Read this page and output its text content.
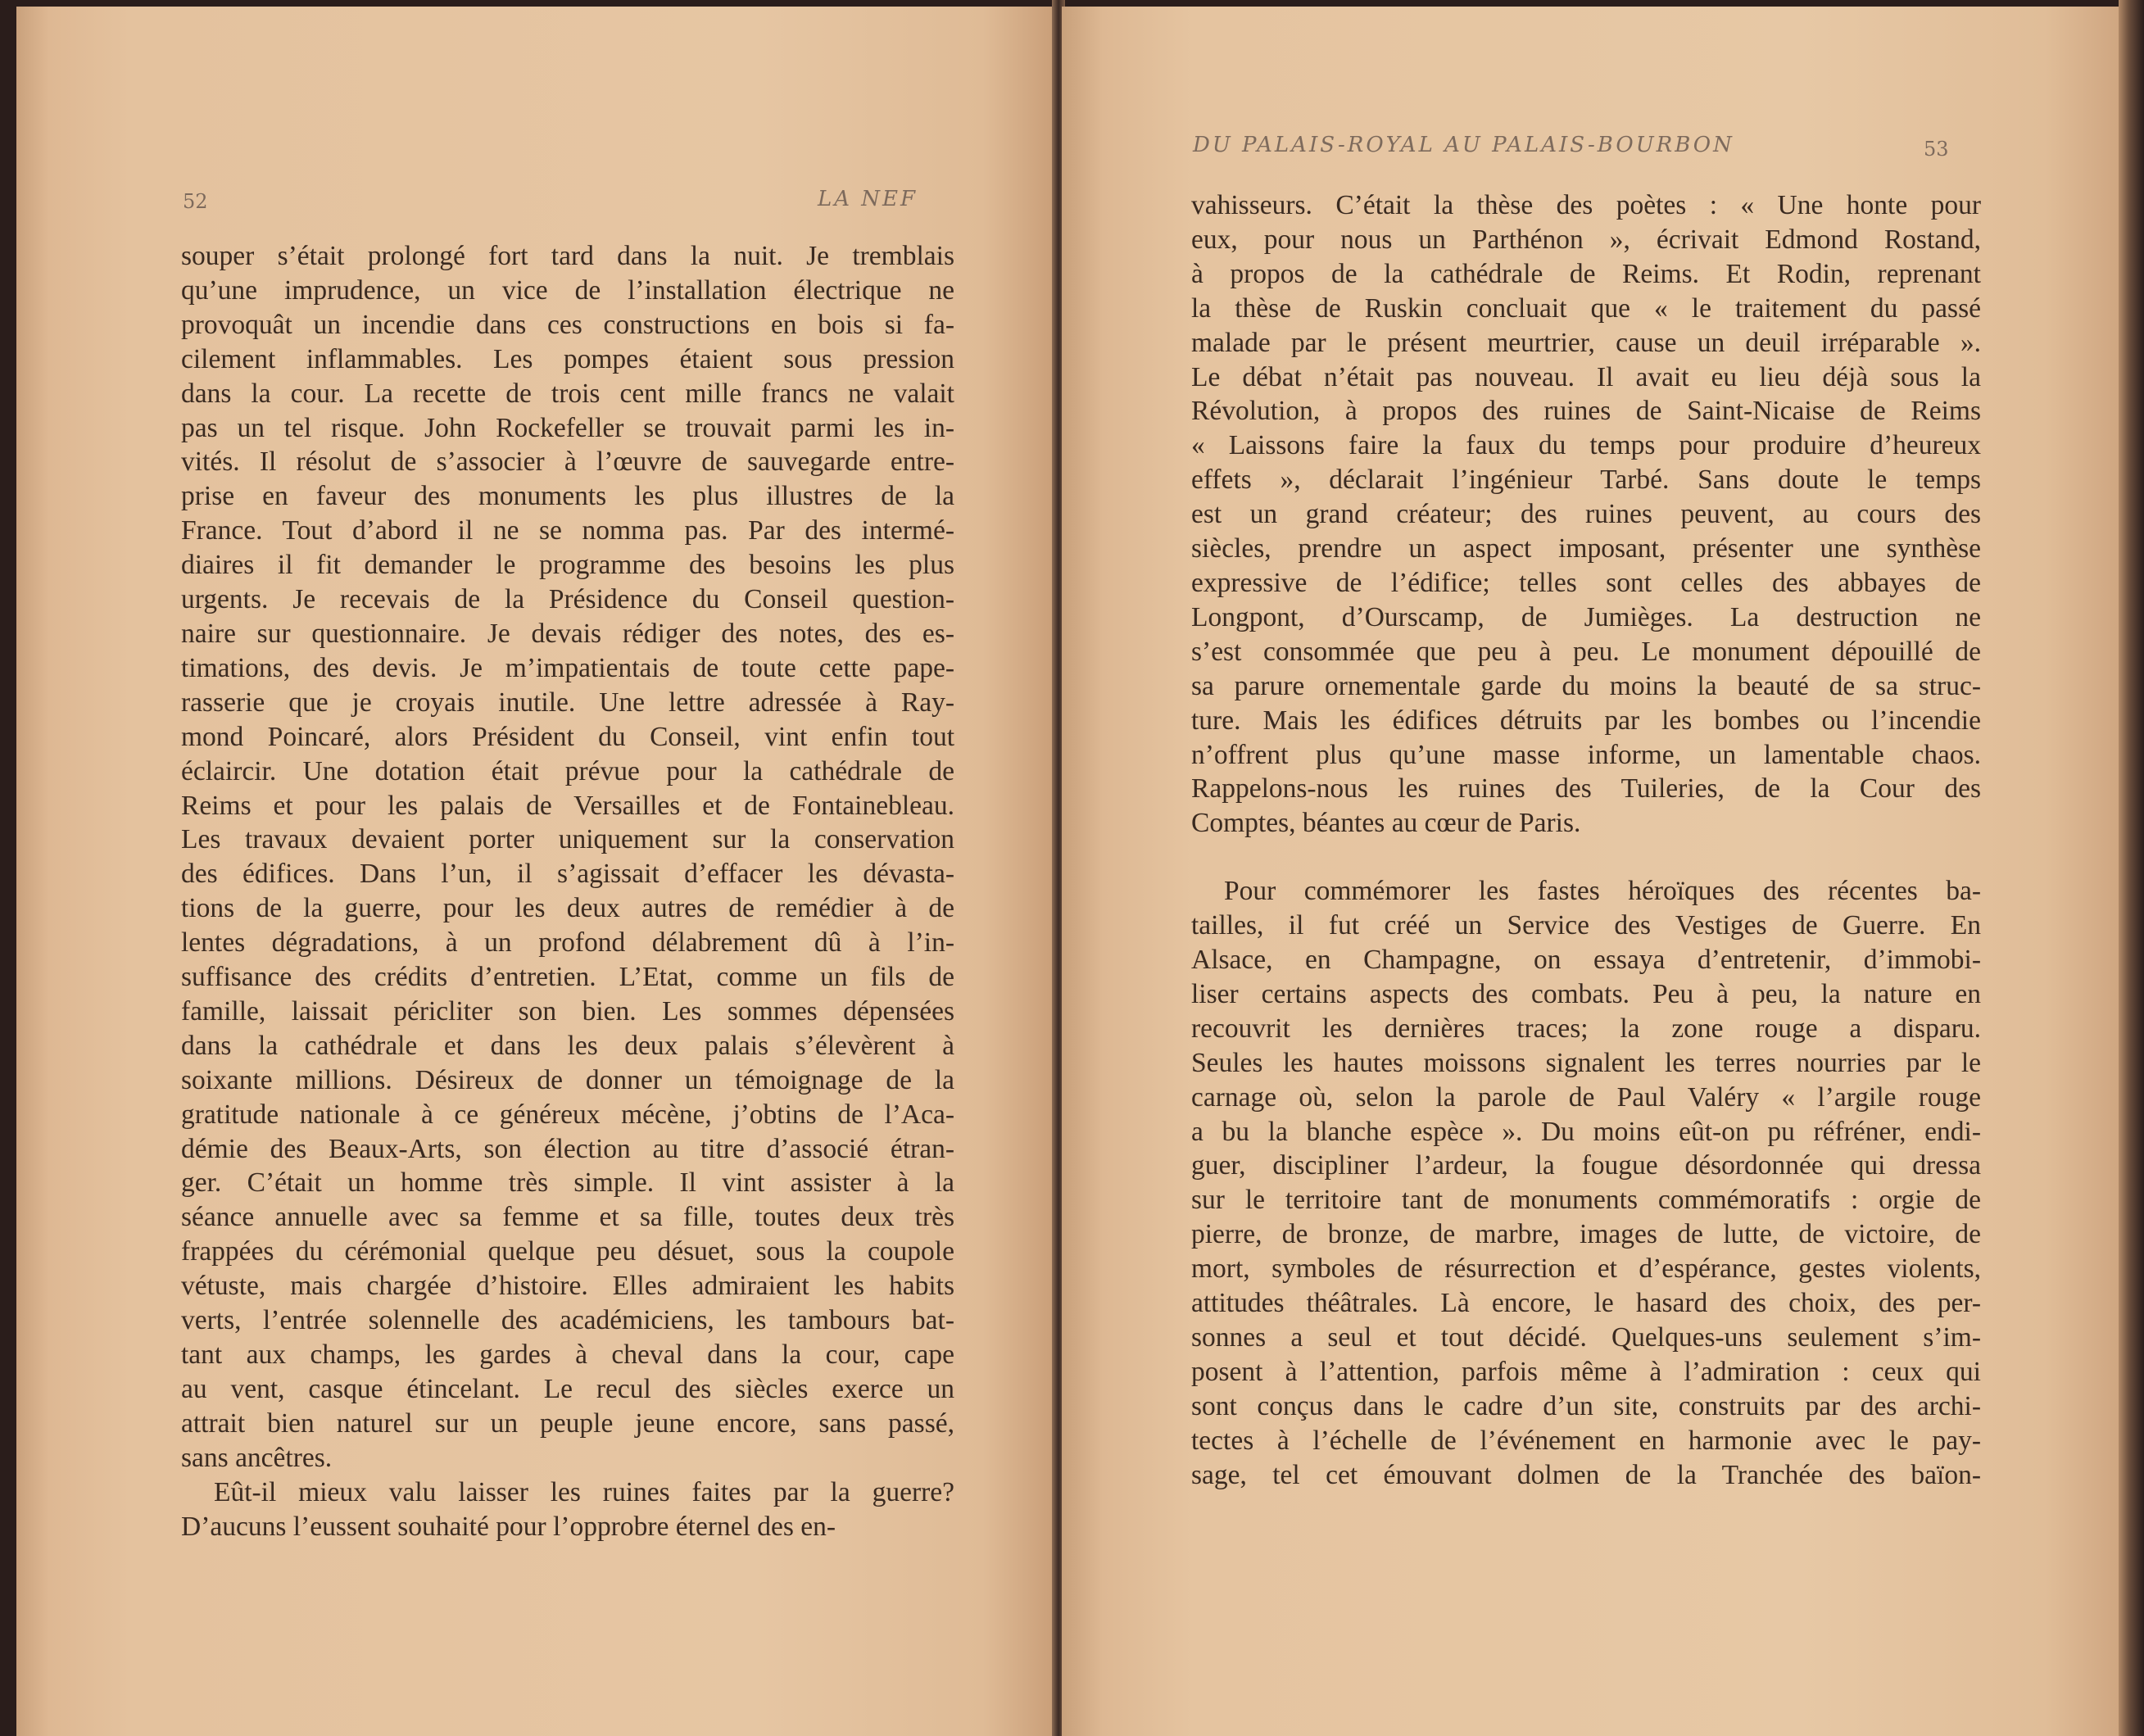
52	LA NEF
souper s’était prolongé fort tard dans la nuit. Je tremblais
qu’une imprudence, un vice de l’installation électrique ne
provoquât un incendie dans ces constructions en bois si fa-
cilement inflammables. Les pompes étaient sous pression
dans la cour. La recette de trois cent mille francs ne valait
pas un tel risque. John Rockefeller se trouvait parmi les in-
vités. Il résolut de s’associer à l’œuvre de sauvegarde entre-
prise en faveur des monuments les plus illustres de la
France. Tout d’abord il ne se nomma pas. Par des intermé-
diaires il fit demander le programme des besoins les plus
urgents. Je recevais de la Présidence du Conseil question-
naire sur questionnaire. Je devais rédiger des notes, des es-
timations, des devis. Je m’impatientais de toute cette pape-
rasserie que je croyais inutile. Une lettre adressée à Ray-
mond Poincaré, alors Président du Conseil, vint enfin tout
éclaircir. Une dotation était prévue pour la cathédrale de
Reims et pour les palais de Versailles et de Fontainebleau.
Les travaux devaient porter uniquement sur la conservation
des édifices. Dans l’un, il s’agissait d’effacer les dévasta-
tions de la guerre, pour les deux autres de remédier à de
lentes dégradations, à un profond délabrement dû à l’in-
suffisance des crédits d’entretien. L’Etat, comme un fils de
famille, laissait péricliter son bien. Les sommes dépensées
dans la cathédrale et dans les deux palais s’élevèrent à
soixante millions. Désireux de donner un témoignage de la
gratitude nationale à ce généreux mécène, j’obtins de l’Aca-
démie des Beaux-Arts, son élection au titre d’associé étran-
ger. C’était un homme très simple. Il vint assister à la
séance annuelle avec sa femme et sa fille, toutes deux très
frappées du cérémonial quelque peu désuet, sous la coupole
vétuste, mais chargée d’histoire. Elles admiraient les habits
verts, l’entrée solennelle des académiciens, les tambours bat-
tant aux champs, les gardes à cheval dans la cour, cape
au vent, casque étincelant. Le recul des siècles exerce un
attrait bien naturel sur un peuple jeune encore, sans passé,
sans ancêtres.
Eût-il mieux valu laisser les ruines faites par la guerre?
D’aucuns l’eussent souhaité pour l’opprobre éternel des en-
DU PALAIS-ROYAL AU PALAIS-BOURBON	53
vahisseurs. C’était la thèse des poètes : « Une honte pour
eux, pour nous un Parthénon », écrivait Edmond Rostand,
à propos de la cathédrale de Reims. Et Rodin, reprenant
la thèse de Ruskin concluait que « le traitement du passé
malade par le présent meurtrier, cause un deuil irréparable ».
Le débat n’était pas nouveau. Il avait eu lieu déjà sous la
Révolution, à propos des ruines de Saint-Nicaise de Reims
« Laissons faire la faux du temps pour produire d’heureux
effets », déclarait l’ingénieur Tarbé. Sans doute le temps
est un grand créateur; des ruines peuvent, au cours des
siècles, prendre un aspect imposant, présenter une synthèse
expressive de l’édifice; telles sont celles des abbayes de
Longpont, d’Ourscamp, de Jumièges. La destruction ne
s’est consommée que peu à peu. Le monument dépouillé de
sa parure ornementale garde du moins la beauté de sa struc-
ture. Mais les édifices détruits par les bombes ou l’incendie
n’offrent plus qu’une masse informe, un lamentable chaos.
Rappelons-nous les ruines des Tuileries, de la Cour des
Comptes, béantes au cœur de Paris.
Pour commémorer les fastes héroïques des récentes ba-
tailles, il fut créé un Service des Vestiges de Guerre. En
Alsace, en Champagne, on essaya d’entretenir, d’immobi-
liser certains aspects des combats. Peu à peu, la nature en
recouvrit les dernières traces; la zone rouge a disparu.
Seules les hautes moissons signalent les terres nourries par le
carnage où, selon la parole de Paul Valéry « l’argile rouge
a bu la blanche espèce ». Du moins eût-on pu réfréner, endi-
guer, discipliner l’ardeur, la fougue désordonnée qui dressa
sur le territoire tant de monuments commémoratifs : orgie de
pierre, de bronze, de marbre, images de lutte, de victoire, de
mort, symboles de résurrection et d’espérance, gestes violents,
attitudes théâtrales. Là encore, le hasard des choix, des per-
sonnes a seul et tout décidé. Quelques-uns seulement s’im-
posent à l’attention, parfois même à l’admiration : ceux qui
sont conçus dans le cadre d’un site, construits par des archi-
tectes à l’échelle de l’événement en harmonie avec le pay-
sage, tel cet émouvant dolmen de la Tranchée des baïon-
